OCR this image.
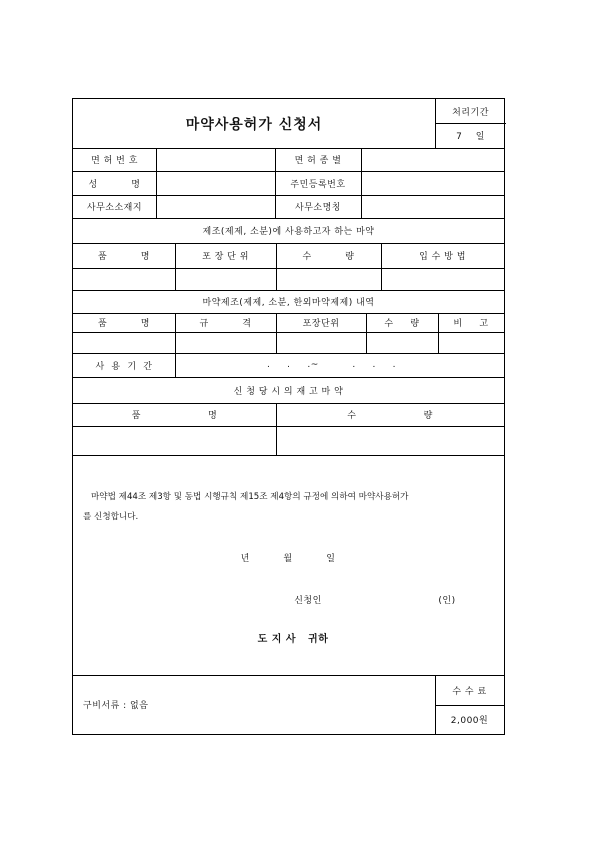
마약사용허가 신청서
처리기간
7    일
면 허 번 호	면 허 종 별
성          명	주민등록번호
사무소소재지	사무소명칭
제조(제제, 소분)에 사용하고자 하는 마약
품          명	포 장 단 위	수          량	입 수 방 법
마약제조(제제, 소분, 한외마약제제) 내역
품          명	규          격	포장단위	수     량	비     고
사  용  기  간	.     .     .~          .     .     .
신 청 당 시 의 재 고 마 약
품                    명	수                    량
마약법 제44조 제3항 및 동법 시행규칙 제15조 제4항의 규정에 의하여 마약사용허가
를 신청합니다.
년          월          일
신청인	(인)
도 지 사   귀하
구비서류 : 없음
수 수 료
2,000원
